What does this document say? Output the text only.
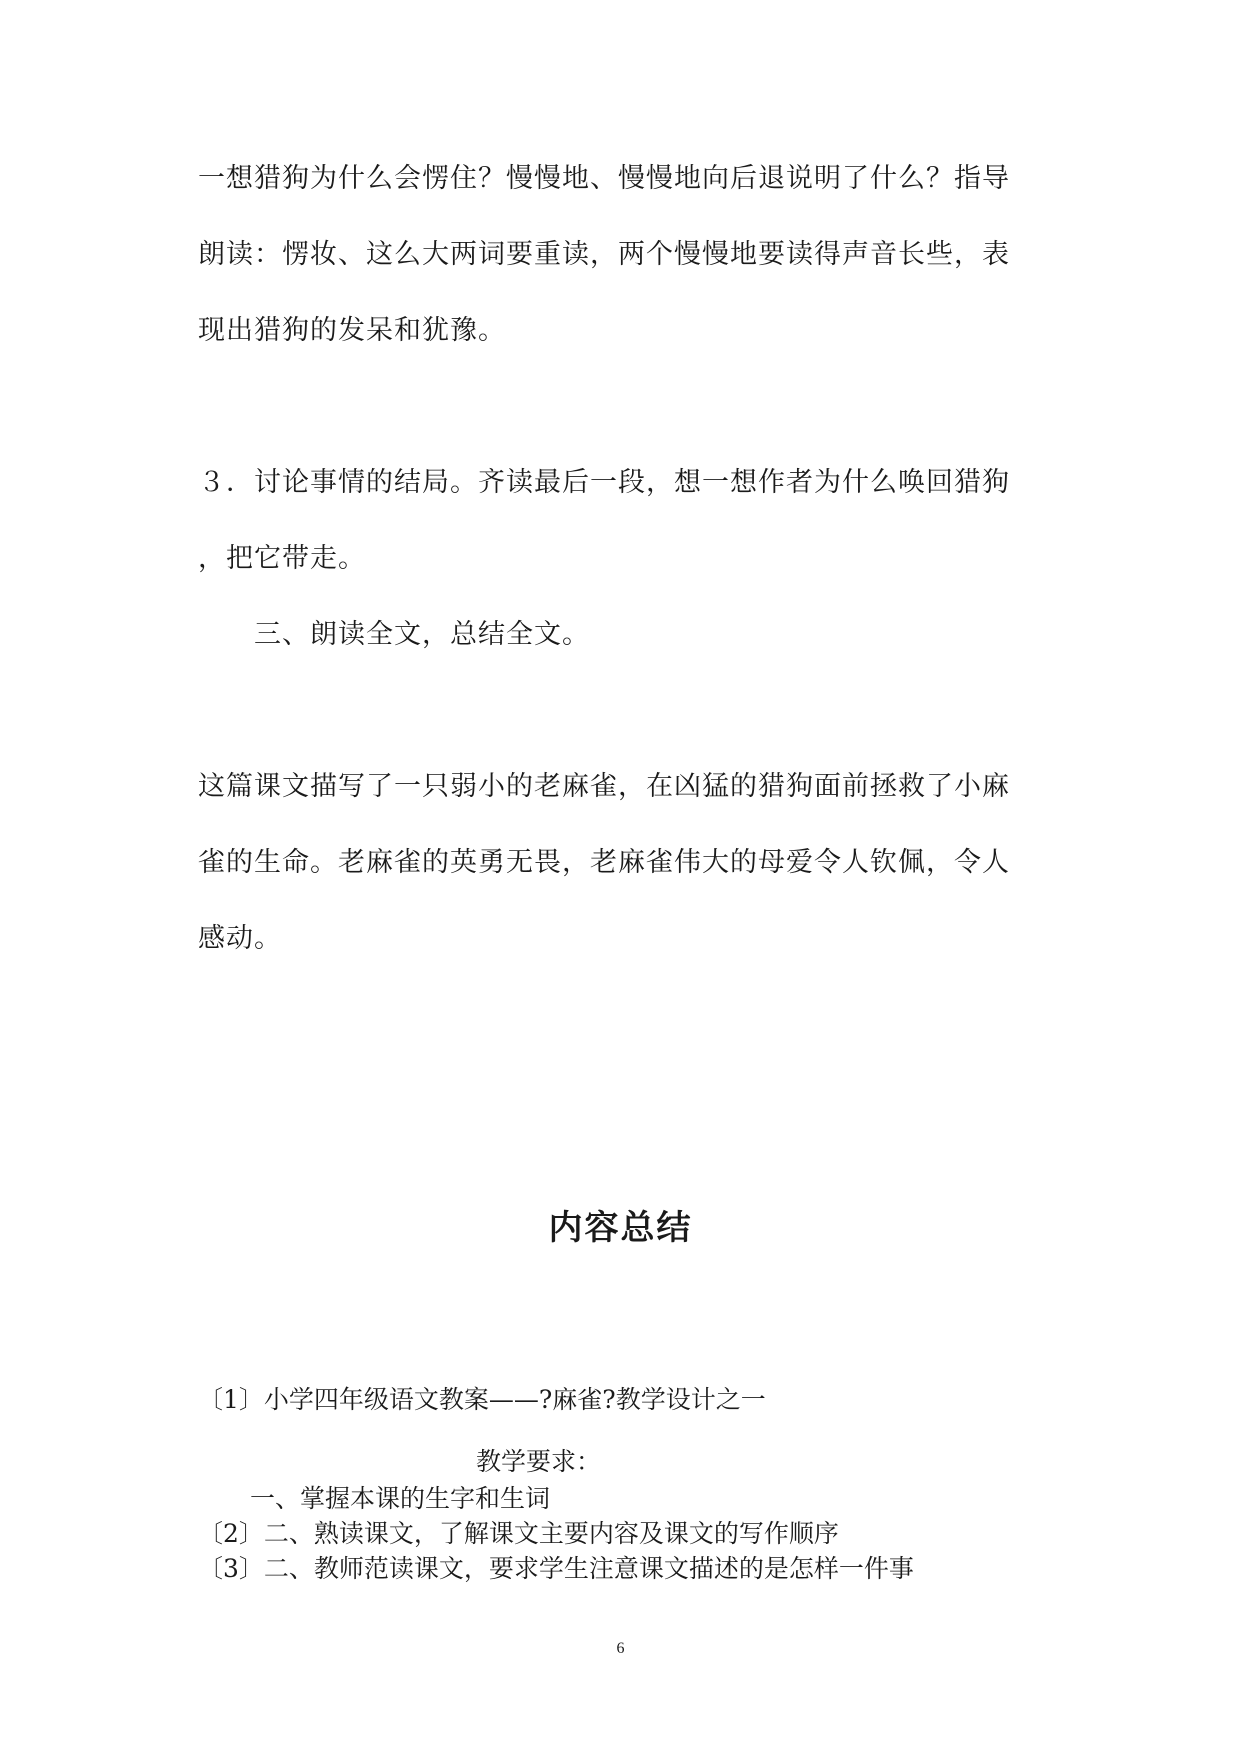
一想猎狗为什么会愣住？慢慢地、慢慢地向后退说明了什么？指导
朗读：愣妆、这么大两词要重读，两个慢慢地要读得声音长些，表
现出猎狗的发呆和犹豫。
３．讨论事情的结局。齐读最后一段，想一想作者为什么唤回猎狗
，把它带走。
三、朗读全文，总结全文。
这篇课文描写了一只弱小的老麻雀，在凶猛的猎狗面前拯救了小麻
雀的生命。老麻雀的英勇无畏，老麻雀伟大的母爱令人钦佩，令人
感动。
内容总结
〔1〕小学四年级语文教案——?麻雀?教学设计之一
教学要求：
一、掌握本课的生字和生词
〔2〕二、熟读课文，了解课文主要内容及课文的写作顺序
〔3〕二、教师范读课文，要求学生注意课文描述的是怎样一件事
6
